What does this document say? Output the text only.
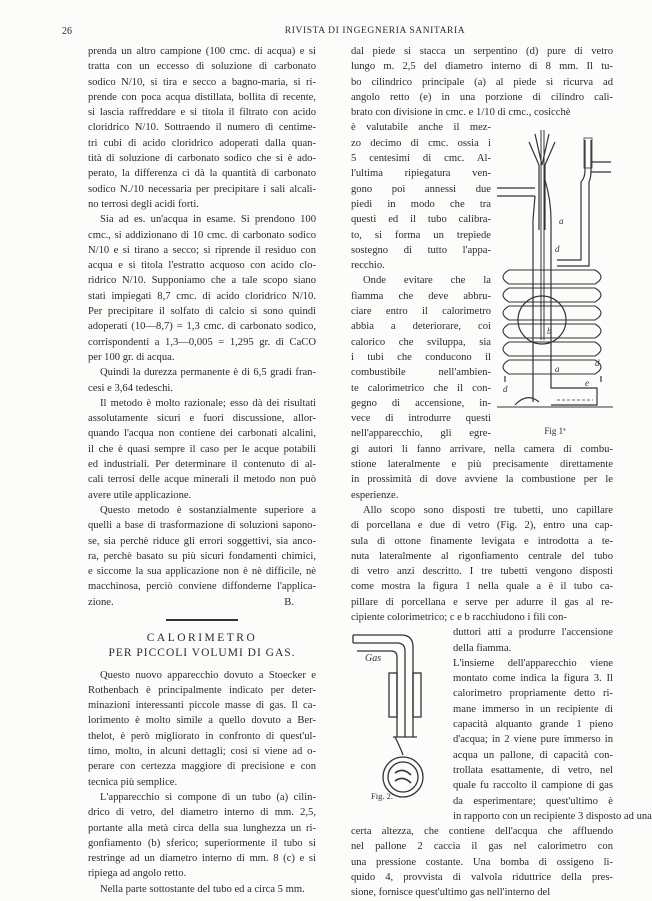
26	RIVISTA DI INGEGNERIA SANITARIA
prenda un altro campione (100 cmc. di acqua) e si
tratta con un eccesso di soluzione di carbonato
sodico N/10, si tira e secco a bagno-maria, si ri-
prende con poca acqua distillata, bollita di recente,
si lascia raffreddare e si titola il filtrato con acido
cloridrico N/10. Sottraendo il numero di centime-
tri cubi di acido cloridrico adoperati dalla quan-
tità di soluzione di carbonato sodico che si è ado-
perato, la differenza ci dà la quantità di carbonato
sodico N./10 necessaria per precipitare i sali alcali-
no terrosi degli acidi forti.
Sia ad es. un'acqua in esame. Si prendono 100
cmc., si addizionano di 10 cmc. di carbonato sodico
N/10 e si tirano a secco; si riprende il residuo con
acqua e si titola l'estratto acquoso con acido clo-
ridrico N/10. Supponiamo che a tale scopo siano
stati impiegati 8,7 cmc. di acido cloridrico N/10.
Per precipitare il solfato di calcio si sono quindi
adoperati (10—8,7) = 1,3 cmc. di carbonato sodico,
corrispondenti a 1,3—0,005 = 1,295 gr. di CaCO
per 100 gr. di acqua.
Quindi la durezza permanente è di 6,5 gradi fran-
cesi e 3,64 tedeschi.
Il metodo è molto razionale; esso dà dei risultati
assolutamente sicuri e fuori discussione, allor-
quando l'acqua non contiene dei carbonati alcalini,
il che è quasi sempre il caso per le acque potabili
ed industriali. Per determinare il contenuto di al-
cali terrosi delle acque minerali il metodo non può
avere utile applicazione.
Questo metodo è sostanzialmente superiore a
quelli a base di trasformazione di soluzioni sapono-
se, sia perchè riduce gli errori soggettivi, sia anco-
ra, perchè basato su più sicuri fondamenti chimici,
e siccome la sua applicazione non è nè difficile, nè
macchinosa, perciò conviene diffonderne l'applica-
zione.	B.
CALORIMETRO
PER PICCOLI VOLUMI DI GAS.
Questo nuovo apparecchio dovuto a Stoecker e
Rothenbach è principalmente indicato per deter-
minazioni interessanti piccole masse di gas. Il ca-
lorimento è molto simile a quello dovuto a Ber-
thelot, è però migliorato in confronto di quest'ul-
timo, molto, in alcuni dettagli; così si viene ad o-
perare con certezza maggiore di precisione e con
tecnica più semplice.
L'apparecchio si compone di un tubo (a) cilin-
drico di vetro, del diametro interno di mm. 2,5,
portante alla metà circa della sua lunghezza un ri-
gonfiamento (b) sferico; superiormente il tubo si
restringe ad un diametro interno di mm. 8 (c) e si
ripiega ad angolo retto.
Nella parte sottostante del tubo ed a circa 5 mm.
dal piede si stacca un serpentino (d) pure di vetro
lungo m. 2,5 del diametro interno di 8 mm. Il tu-
bo cilindrico principale (a) al piede si ricurva ad
angolo retto (e) in una porzione di cilindro cali-
brato con divisione in cmc. e 1/10 di cmc., cosicchè
a
d
b
a
d
d
e
Fig 1ª
è valutabile anche il mez-
zo decimo di cmc. ossia i
5 centesimi di cmc. Al-
l'ultima ripiegatura ven-
gono poi annessi due
piedi in modo che tra
questi ed il tubo calibra-
to, si forma un trepiede
sostegno di tutto l'appa-
recchio.
Onde evitare che la
fiamma che deve abbru-
ciare entro il calorimetro
abbia a deteriorare, coi
calorico che sviluppa, sia
i tubi che conducono il
combustibile nell'ambien-
te calorimetrico che il con-
gegno di accensione, in-
vece di introdurre questi
nell'apparecchio, gli egre-
gi autori li fanno arrivare, nella camera di combu-
stione lateralmente e più precisamente direttamente
in prossimità di dove avviene la combustione per le
esperienze.
Allo scopo sono disposti tre tubetti, uno capillare
di porcellana e due di vetro (Fig. 2), entro una cap-
sula di ottone finamente levigata e introdotta a te-
nuta lateralmente al rigonfiamento centrale del tubo
di vetro anzi descritto. I tre tubetti vengono disposti
come mostra la figura 1 nella quale a è il tubo ca-
pillare di porcellana e serve per adurre il gas al re-
cipiente colorimetrico; c e b racchiudono i fili con-
Gas
Fig. 2.
duttori atti a produrre l'accensione
della fiamma.
L'insieme dell'apparecchio viene
montato come indica la figura 3. Il
calorimetro propriamente detto ri-
mane immerso in un recipiente di
capacità alquanto grande 1 pieno
d'acqua; in 2 viene pure immerso in
acqua un pallone, di capacità con-
trollata esattamente, di vetro, nel
quale fu raccolto il campione di gas
da esperimentare; quest'ultimo è
in rapporto con un recipiente 3 disposto ad una
certa altezza, che contiene dell'acqua che affluendo
nel pallone 2 caccia il gas nel calorimetro con
una pressione costante. Una bomba di ossigeno li-
quido 4, provvista di valvola riduttrice della pres-
sione, fornisce quest'ultimo gas nell'interno del
